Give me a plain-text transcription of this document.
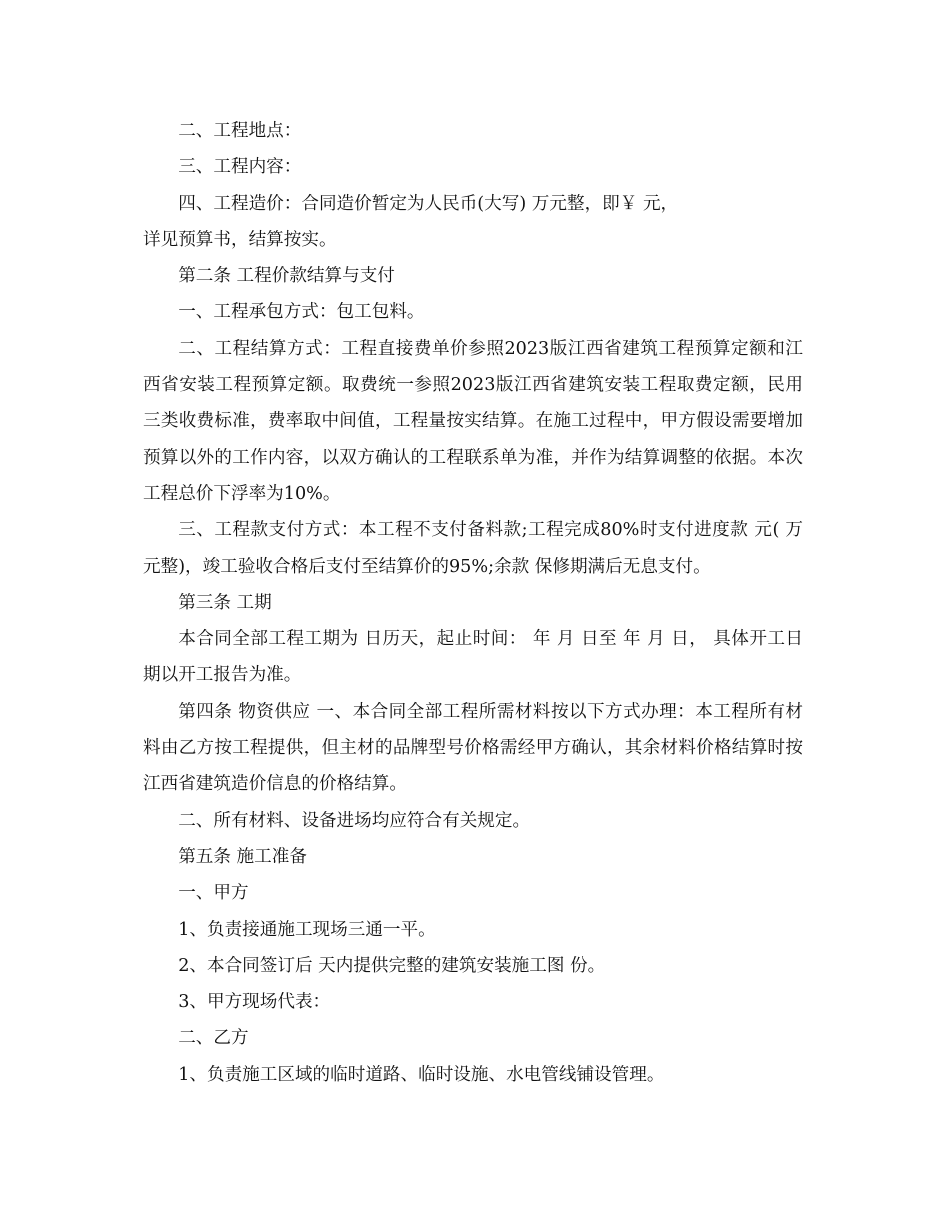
二、工程地点：

三、工程内容：

四、工程造价：合同造价暂定为人民币(大写) 万元整，即￥ 元，

详见预算书，结算按实。

第二条 工程价款结算与支付

一、工程承包方式：包工包料。

二、工程结算方式：工程直接费单价参照2023版江西省建筑工程预算定额和江西省安装工程预算定额。取费统一参照2023版江西省建筑安装工程取费定额，民用三类收费标准，费率取中间值，工程量按实结算。在施工过程中，甲方假设需要增加预算以外的工作内容，以双方确认的工程联系单为准，并作为结算调整的依据。本次工程总价下浮率为10%。

三、工程款支付方式：本工程不支付备料款;工程完成80%时支付进度款 元( 万元整)，竣工验收合格后支付至结算价的95%;余款 保修期满后无息支付。

第三条 工期

本合同全部工程工期为 日历天，起止时间： 年 月 日至 年 月 日， 具体开工日期以开工报告为准。

第四条 物资供应 一、本合同全部工程所需材料按以下方式办理：本工程所有材料由乙方按工程提供，但主材的品牌型号价格需经甲方确认，其余材料价格结算时按江西省建筑造价信息的价格结算。

二、所有材料、设备进场均应符合有关规定。

第五条 施工准备

一、甲方

1、负责接通施工现场三通一平。

2、本合同签订后 天内提供完整的建筑安装施工图 份。

3、甲方现场代表：

二、乙方

1、负责施工区域的临时道路、临时设施、水电管线铺设管理。
